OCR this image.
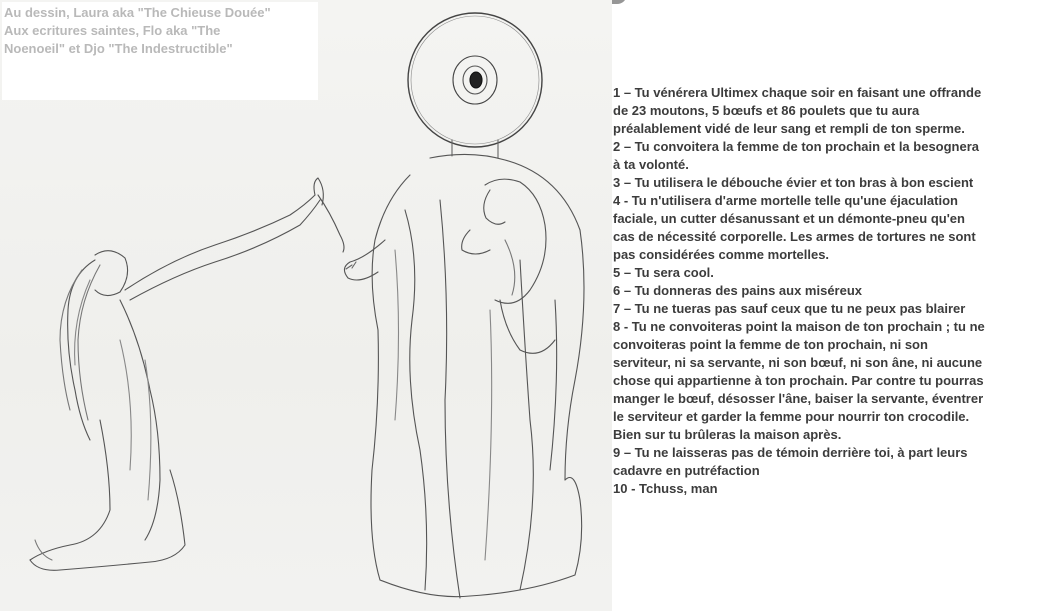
Au dessin, Laura aka "The Chieuse Douée"
Aux ecritures saintes, Flo aka "The
Noenoeil" et Djo "The Indestructible"
1 – Tu vénérera Ultimex chaque soir en faisant une offrande
de 23 moutons, 5 bœufs et 86 poulets que tu aura
préalablement vidé de leur sang et rempli de ton sperme.
2 – Tu convoitera la femme de ton prochain et la besognera
à ta volonté.
3 – Tu utilisera le débouche évier et ton bras à bon escient
4 - Tu n'utilisera d'arme mortelle telle qu'une éjaculation
faciale, un cutter désanussant et un démonte-pneu qu'en
cas de nécessité corporelle. Les armes de tortures ne sont
pas considérées comme mortelles.
5 – Tu sera cool.
6 – Tu donneras des pains aux miséreux
7 – Tu ne tueras pas sauf ceux que tu ne peux pas blairer
8 - Tu ne convoiteras point la maison de ton prochain ; tu ne
convoiteras point la femme de ton prochain, ni son
serviteur, ni sa servante, ni son bœuf, ni son âne, ni aucune
chose qui appartienne à ton prochain. Par contre tu pourras
manger le bœuf, désosser l'âne, baiser la servante, éventrer
le serviteur et garder la femme pour nourrir ton crocodile.
Bien sur tu brûleras la maison après.
9 – Tu ne laisseras pas de témoin derrière toi, à part leurs
cadavre en putréfaction
10 - Tchuss, man
